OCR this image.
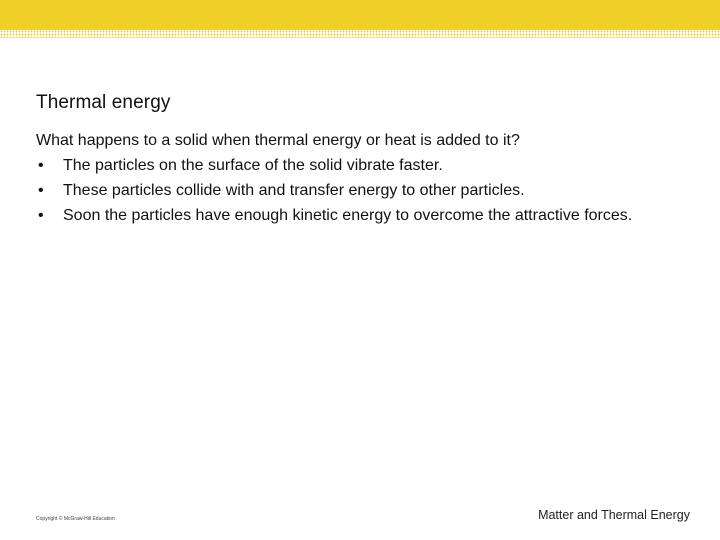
Thermal energy

What happens to a solid when thermal energy or heat is added to it?

• The particles on the surface of the solid vibrate faster.
• These particles collide with and transfer energy to other particles.
• Soon the particles have enough kinetic energy to overcome the attractive forces.
Copyright © McGraw-Hill Education	Matter and Thermal Energy
